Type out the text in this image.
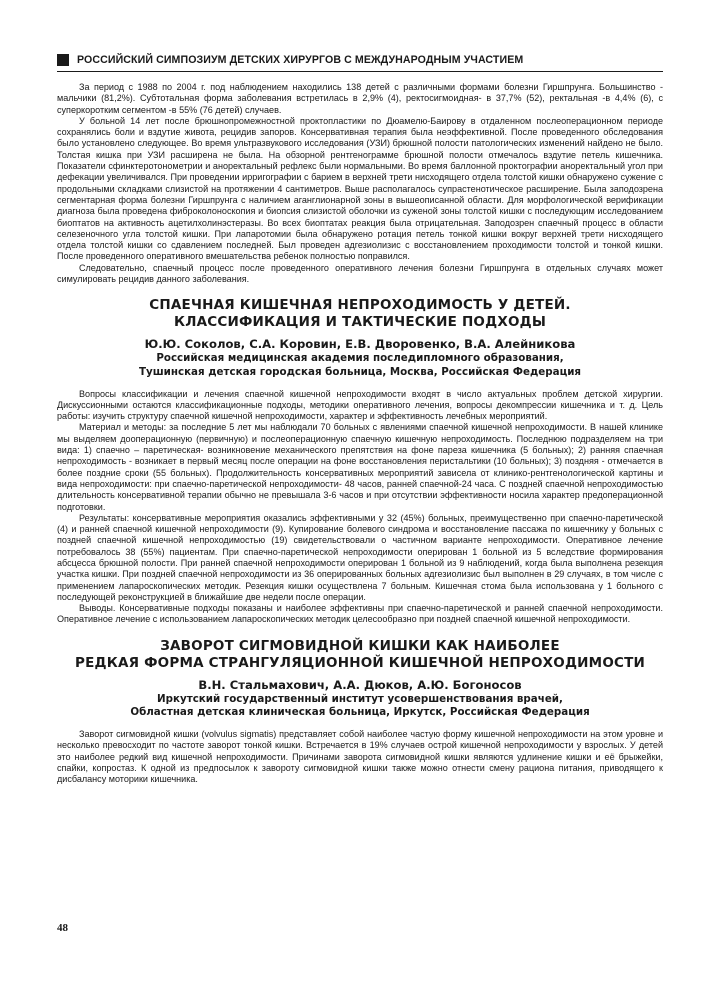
РОССИЙСКИЙ СИМПОЗИУМ ДЕТСКИХ ХИРУРГОВ С МЕЖДУНАРОДНЫМ УЧАСТИЕМ

За период с 1988 по 2004 г. под наблюдением находились 138 детей с различными формами болезни Гиршпрунга. Большинство - мальчики (81,2%). Субтотальная форма заболевания встретилась в 2,9% (4), ректосигмоидная- в 37,7% (52), ректальная -в 4,4% (6), с суперкоротким сегментом -в 55% (76 детей) случаев.

У больной 14 лет после брюшнопромежностной проктопластики по Дюамелю-Баирову в отдаленном послеоперационном периоде сохранялись боли и вздутие живота, рецидив запоров. Консервативная терапия была неэффективной. После проведенного обследования было установлено следующее. Во время ультразвукового исследования (УЗИ) брюшной полости патологических изменений найдено не было. Толстая кишка при УЗИ расширена не была. На обзорной рентгенограмме брюшной полости отмечалось вздутие петель кишечника. Показатели сфинктеротонометрии и аноректальный рефлекс были нормальными. Во время баллонной проктографии аноректальный угол при дефекации увеличивался. При проведении ирригографии с барием в верхней трети нисходящего отдела толстой кишки обнаружено сужение с продольными складками слизистой на протяжении 4 сантиметров. Выше располагалось супрастенотическое расширение. Была заподозрена сегментарная форма болезни Гиршпрунга с наличием аганглионарной зоны в вышеописанной области. Для морфологической верификации диагноза была проведена фиброколоноскопия и биопсия слизистой оболочки из суженой зоны толстой кишки с последующим исследованием биоптатов на активность ацетилхолинэстеразы. Во всех биоптатах реакция была отрицательная. Заподозрен спаечный процесс в области селезеночного угла толстой кишки. При лапаротомии была обнаружено ротация петель тонкой кишки вокруг верхней трети нисходящего отдела толстой кишки со сдавлением последней. Был проведен адгезиолизис с восстановлением проходимости толстой и тонкой кишки. После проведенного оперативного вмешательства ребенок полностью поправился.

Следовательно, спаечный процесс после проведенного оперативного лечения болезни Гиршпрунга в отдельных случаях может симулировать рецидив данного заболевания.

СПАЕЧНАЯ КИШЕЧНАЯ НЕПРОХОДИМОСТЬ У ДЕТЕЙ.
КЛАССИФИКАЦИЯ И ТАКТИЧЕСКИЕ ПОДХОДЫ

Ю.Ю. Соколов, С.А. Коровин, Е.В. Дворовенко, В.А. Алейникова

Российская медицинская академия последипломного образования,

Тушинская детская городская больница, Москва, Российская Федерация

Вопросы классификации и лечения спаечной кишечной непроходимости входят в число актуальных проблем детской хирургии. Дискуссионными остаются классификационные подходы, методики оперативного лечения, вопросы декомпрессии кишечника и т. д. Цель работы: изучить структуру спаечной кишечной непроходимости, характер и эффективность лечебных мероприятий.

Материал и методы: за последние 5 лет мы наблюдали 70 больных с явлениями спаечной кишечной непроходимости. В нашей клинике мы выделяем дооперационную (первичную) и послеоперационную спаечную кишечную непроходимость. Последнюю подразделяем на три вида: 1) спаечно – паретическая- возникновение механического препятствия на фоне пареза кишечника (5 больных); 2) ранняя спаечная непроходимость - возникает в первый месяц после операции на фоне восстановления перистальтики (10 больных); 3) поздняя - отмечается в более поздние сроки (55 больных). Продолжительность консервативных мероприятий зависела от клинико-рентгенологической картины и вида непроходимости: при спаечно-паретической непроходимости- 48 часов, ранней спаечной-24 часа. С поздней спаечной непроходимостью длительность консервативной терапии обычно не превышала 3-6 часов и при отсутствии эффективности носила характер предоперационной подготовки.

Результаты: консервативные мероприятия оказались эффективными у 32 (45%) больных, преимущественно при спаечно-паретической (4) и ранней спаечной кишечной непроходимости (9). Купирование болевого синдрома и восстановление пассажа по кишечнику у больных с поздней спаечной кишечной непроходимостью (19) свидетельствовали о частичном варианте непроходимости. Оперативное лечение потребовалось 38 (55%) пациентам. При спаечно-паретической непроходимости оперирован 1 больной из 5 вследствие формирования абсцесса брюшной полости. При ранней спаечной непроходимости оперирован 1 больной из 9 наблюдений, когда была выполнена резекция участка кишки. При поздней спаечной непроходимости из 36 оперированных больных адгезиолизис был выполнен в 29 случаях, в том числе с применением лапароскопических методик. Резекция кишки осуществлена 7 больным. Кишечная стома была использована у 1 больного с последующей реконструкцией в ближайшие две недели после операции.

Выводы. Консервативные подходы показаны и наиболее эффективны при спаечно-паретической и ранней спаечной непроходимости. Оперативное лечение с использованием лапароскопических методик целесообразно при поздней спаечной кишечной непроходимости.

ЗАВОРОТ СИГМОВИДНОЙ КИШКИ КАК НАИБОЛЕЕ
РЕДКАЯ ФОРМА СТРАНГУЛЯЦИОННОЙ КИШЕЧНОЙ НЕПРОХОДИМОСТИ

В.Н. Стальмахович, А.А. Дюков, А.Ю. Богоносов

Иркутский государственный институт усовершенствования врачей,

Областная детская клиническая больница, Иркутск, Российская Федерация

Заворот сигмовидной кишки (volvulus sigmatis) представляет собой наиболее частую форму кишечной непроходимости на этом уровне и несколько превосходит по частоте заворот тонкой кишки. Встречается в 19% случаев острой кишечной непроходимости у взрослых. У детей это наиболее редкий вид кишечной непроходимости. Причинами заворота сигмовидной кишки являются удлинение кишки и её брыжейки, спайки, копростаз. К одной из предпосылок к завороту сигмовидной кишки также можно отнести смену рациона питания, приводящего к дисбалансу моторики кишечника.

48
